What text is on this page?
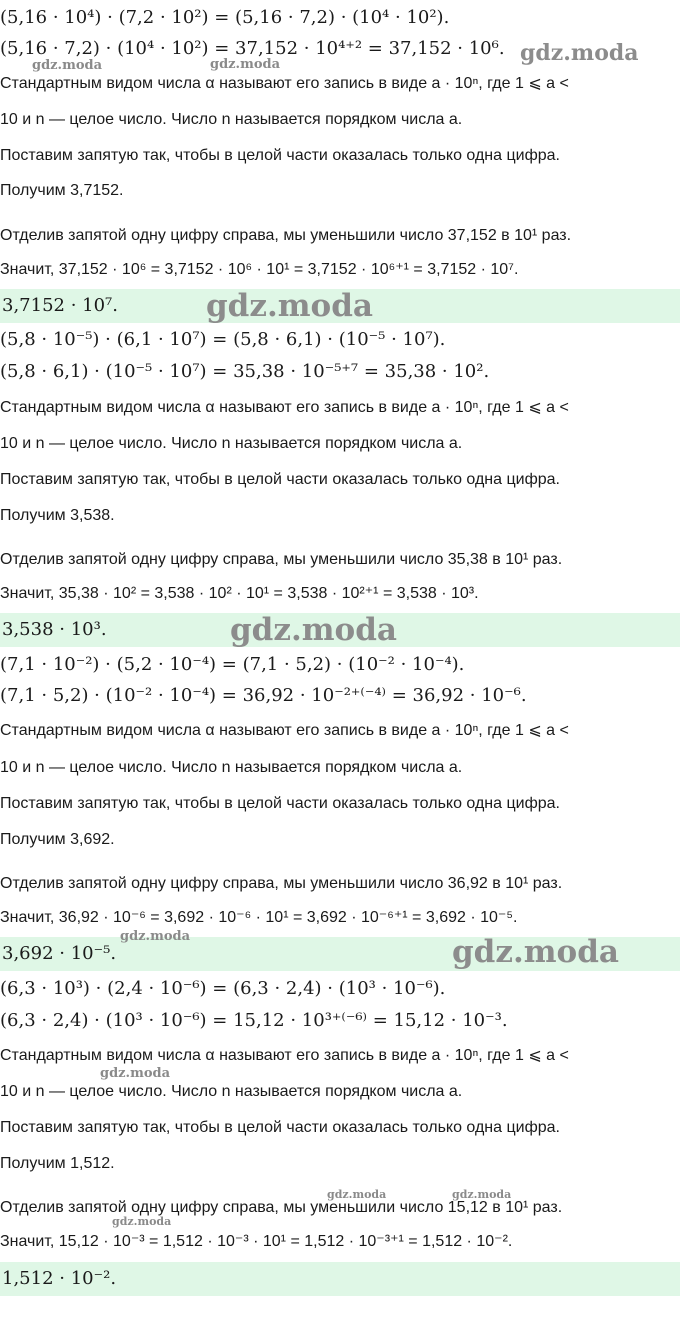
(5,16 · 10⁴) · (7,2 · 10²) = (5,16 · 7,2) · (10⁴ · 10²).
(5,16 · 7,2) · (10⁴ · 10²) = 37,152 · 10⁴⁺² = 37,152 · 10⁶.
Стандартным видом числа α называют его запись в виде a · 10ⁿ, где 1 ⩽ a <
10 и n — целое число. Число n называется порядком числа a.
Поставим запятую так, чтобы в целой части оказалась только одна цифра.
Получим 3,7152.
Отделив запятой одну цифру справа, мы уменьшили число 37,152 в 10¹ раз.
Значит, 37,152 · 10⁶ = 3,7152 · 10⁶ · 10¹ = 3,7152 · 10⁶⁺¹ = 3,7152 · 10⁷.
3,7152 · 10⁷.
(5,8 · 10⁻⁵) · (6,1 · 10⁷) = (5,8 · 6,1) · (10⁻⁵ · 10⁷).
(5,8 · 6,1) · (10⁻⁵ · 10⁷) = 35,38 · 10⁻⁵⁺⁷ = 35,38 · 10².
Стандартным видом числа α называют его запись в виде a · 10ⁿ, где 1 ⩽ a <
10 и n — целое число. Число n называется порядком числа a.
Поставим запятую так, чтобы в целой части оказалась только одна цифра.
Получим 3,538.
Отделив запятой одну цифру справа, мы уменьшили число 35,38 в 10¹ раз.
Значит, 35,38 · 10² = 3,538 · 10² · 10¹ = 3,538 · 10²⁺¹ = 3,538 · 10³.
3,538 · 10³.
(7,1 · 10⁻²) · (5,2 · 10⁻⁴) = (7,1 · 5,2) · (10⁻² · 10⁻⁴).
(7,1 · 5,2) · (10⁻² · 10⁻⁴) = 36,92 · 10⁻²⁺⁽⁻⁴⁾ = 36,92 · 10⁻⁶.
Стандартным видом числа α называют его запись в виде a · 10ⁿ, где 1 ⩽ a <
10 и n — целое число. Число n называется порядком числа a.
Поставим запятую так, чтобы в целой части оказалась только одна цифра.
Получим 3,692.
Отделив запятой одну цифру справа, мы уменьшили число 36,92 в 10¹ раз.
Значит, 36,92 · 10⁻⁶ = 3,692 · 10⁻⁶ · 10¹ = 3,692 · 10⁻⁶⁺¹ = 3,692 · 10⁻⁵.
3,692 · 10⁻⁵.
(6,3 · 10³) · (2,4 · 10⁻⁶) = (6,3 · 2,4) · (10³ · 10⁻⁶).
(6,3 · 2,4) · (10³ · 10⁻⁶) = 15,12 · 10³⁺⁽⁻⁶⁾ = 15,12 · 10⁻³.
Стандартным видом числа α называют его запись в виде a · 10ⁿ, где 1 ⩽ a <
10 и n — целое число. Число n называется порядком числа a.
Поставим запятую так, чтобы в целой части оказалась только одна цифра.
Получим 1,512.
Отделив запятой одну цифру справа, мы уменьшили число 15,12 в 10¹ раз.
Значит, 15,12 · 10⁻³ = 1,512 · 10⁻³ · 10¹ = 1,512 · 10⁻³⁺¹ = 1,512 · 10⁻².
1,512 · 10⁻².
gdz.moda
gdz.moda	gdz.moda
gdz.moda
gdz.moda
gdz.moda	gdz.moda
gdz.moda
gdz.moda	gdz.moda
gdz.moda
